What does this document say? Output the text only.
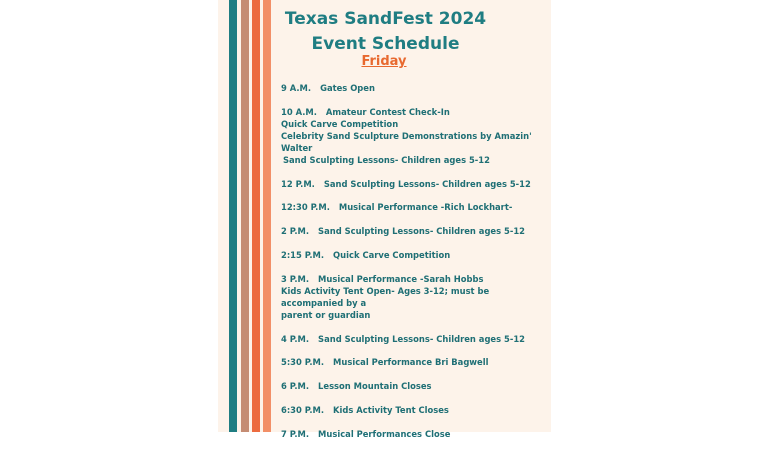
Texas SandFest 2024
Event Schedule
Friday
9 A.M. Gates Open
10 A.M. Amateur Contest Check-In
Quick Carve Competition
Celebrity Sand Sculpture Demonstrations by Amazin' Walter
Sand Sculpting Lessons- Children ages 5-12
12 P.M. Sand Sculpting Lessons- Children ages 5-12
12:30 P.M. Musical Performance -Rich Lockhart-
2 P.M. Sand Sculpting Lessons- Children ages 5-12
2:15 P.M. Quick Carve Competition
3 P.M. Musical Performance -Sarah Hobbs
Kids Activity Tent Open- Ages 3-12; must be accompanied by a
parent or guardian
4 P.M. Sand Sculpting Lessons- Children ages 5-12
5:30 P.M. Musical Performance Bri Bagwell
6 P.M. Lesson Mountain Closes
6:30 P.M. Kids Activity Tent Closes
7 P.M. Musical Performances Close
